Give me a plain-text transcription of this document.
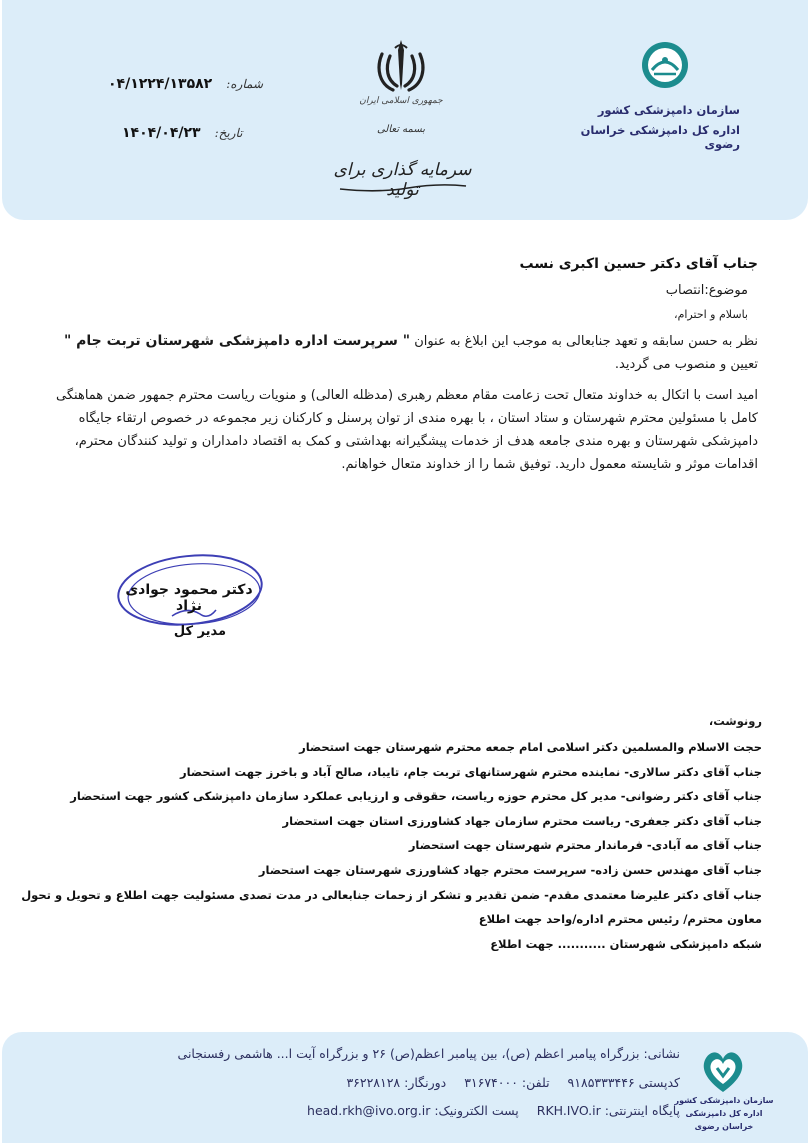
شماره:
۰۴/۱۲۲۴/۱۳۵۸۲
تاریخ:
۱۴۰۴/۰۴/۲۳
جمهوری اسلامی ایران
بسمه تعالی
سرمایه گذاری برای تولید
سازمان دامپزشکی کشور
اداره کل دامپزشکی خراسان رضوی
جناب آقای دکتر حسین اکبری نسب
موضوع:انتصاب
باسلام و احترام،
نظر به حسن سابقه و تعهد جنابعالی به موجب این ابلاغ به عنوان " سرپرست اداره دامپزشکی شهرستان تربت جام " تعیین و منصوب می گردید.
امید است با اتکال به خداوند متعال تحت زعامت مقام معظم رهبری (مدظله العالی) و منویات ریاست محترم جمهور ضمن هماهنگی کامل با مسئولین محترم شهرستان و ستاد استان ، با بهره مندی از توان پرسنل و کارکنان زیر مجموعه در خصوص ارتقاء جایگاه دامپزشکی شهرستان و بهره مندی جامعه هدف از خدمات پیشگیرانه بهداشتی و کمک به اقتصاد دامداران و تولید کنندگان محترم، اقدامات موثر و شایسته معمول دارید. توفیق شما را از خداوند متعال خواهانم.
دکتر محمود جوادی نژاد
مدیر کل
رونوشت،
حجت الاسلام والمسلمین دکتر اسلامی امام جمعه محترم شهرستان جهت استحضار
جناب آقای دکتر سالاری- نماینده محترم شهرستانهای تربت جام، تایباد، صالح آباد و باخرز جهت استحضار
جناب آقای دکتر رضوانی- مدیر کل محترم حوزه ریاست، حقوقی و ارزیابی عملکرد سازمان دامپزشکی کشور جهت استحضار
جناب آقای دکتر جعفری- ریاست محترم سازمان جهاد کشاورزی استان جهت استحضار
جناب آقای مه آبادی- فرماندار محترم شهرستان جهت استحضار
جناب آقای مهندس حسن زاده- سرپرست محترم جهاد کشاورزی شهرستان جهت استحضار
جناب آقای دکتر علیرضا معتمدی مقدم- ضمن تقدیر و تشکر از زحمات جنابعالی در مدت تصدی مسئولیت جهت اطلاع و تحویل و تحول
معاون محترم/ رئیس محترم اداره/واحد جهت اطلاع
شبکه دامپزشکی شهرستان ........... جهت اطلاع
سازمان دامپزشکی کشور
اداره کل دامپزشکی خراسان رضوی
نشانی: بزرگراه پیامبر اعظم (ص)، بین پیامبر اعظم(ص) ۲۶ و بزرگراه آیت ا... هاشمی رفسنجانی
کدپستی ۹۱۸۵۳۳۳۴۴۶ تلفن: ۳۱۶۷۴۰۰۰ دورنگار: ۳۶۲۲۸۱۲۸
پایگاه اینترنتی: RKH.IVO.ir پست الکترونیک: head.rkh@ivo.org.ir
